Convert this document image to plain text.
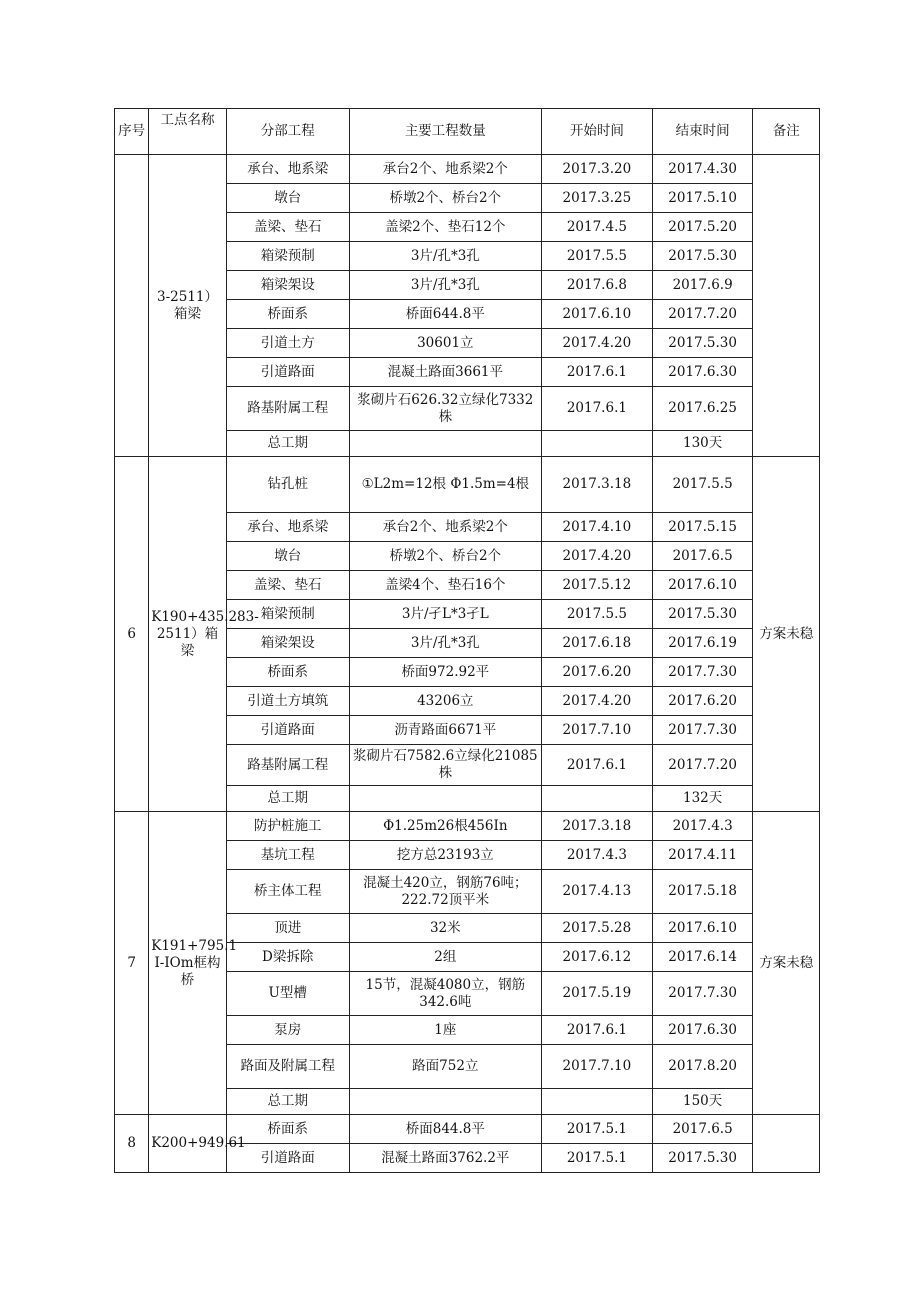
序号	工点名称	分部工程	主要工程数量	开始时间	结束时间	备注
	3-2511）箱梁	承台、地系梁	承台2个、地系梁2个	2017.3.20	2017.4.30	
		墩台	桥墩2个、桥台2个	2017.3.25	2017.5.10	
		盖梁、垫石	盖梁2个、垫石12个	2017.4.5	2017.5.20	
		箱梁预制	3片/孔*3孔	2017.5.5	2017.5.30	
		箱梁架设	3片/孔*3孔	2017.6.8	2017.6.9	
		桥面系	桥面644.8平	2017.6.10	2017.7.20	
		引道土方	30601立	2017.4.20	2017.5.30	
		引道路面	混凝土路面3661平	2017.6.1	2017.6.30	
		路基附属工程	浆砌片石626.32立绿化7332株	2017.6.1	2017.6.25	
		总工期			130天	
6	K190+435.283-2511）箱梁	钻孔桩	①L2m=12根 Φ1.5m=4根	2017.3.18	2017.5.5	方案未稳
		承台、地系梁	承台2个、地系梁2个	2017.4.10	2017.5.15	
		墩台	桥墩2个、桥台2个	2017.4.20	2017.6.5	
		盖梁、垫石	盖梁4个、垫石16个	2017.5.12	2017.6.10	
		箱梁预制	3片/孑L*3孑L	2017.5.5	2017.5.30	
		箱梁架设	3片/孔*3孔	2017.6.18	2017.6.19	
		桥面系	桥面972.92平	2017.6.20	2017.7.30	
		引道土方填筑	43206立	2017.4.20	2017.6.20	
		引道路面	沥青路面6671平	2017.7.10	2017.7.30	
		路基附属工程	浆砌片石7582.6立绿化21085株	2017.6.1	2017.7.20	
		总工期			132天	
7	K191+795.1 I-IOm框构桥	防护桩施工	Φ1.25m26根456In	2017.3.18	2017.4.3	方案未稳
		基坑工程	挖方总23193立	2017.4.3	2017.4.11	
		桥主体工程	混凝土420立，钢筋76吨；222.72顶平米	2017.4.13	2017.5.18	
		顶进	32米	2017.5.28	2017.6.10	
		D梁拆除	2组	2017.6.12	2017.6.14	
		U型槽	15节，混凝4080立，钢筋342.6吨	2017.5.19	2017.7.30	
		泵房	1座	2017.6.1	2017.6.30	
		路面及附属工程	路面752立	2017.7.10	2017.8.20	
		总工期			150天	
8	K200+949.61	桥面系	桥面844.8平	2017.5.1	2017.6.5	
		引道路面	混凝土路面3762.2平	2017.5.1	2017.5.30	
